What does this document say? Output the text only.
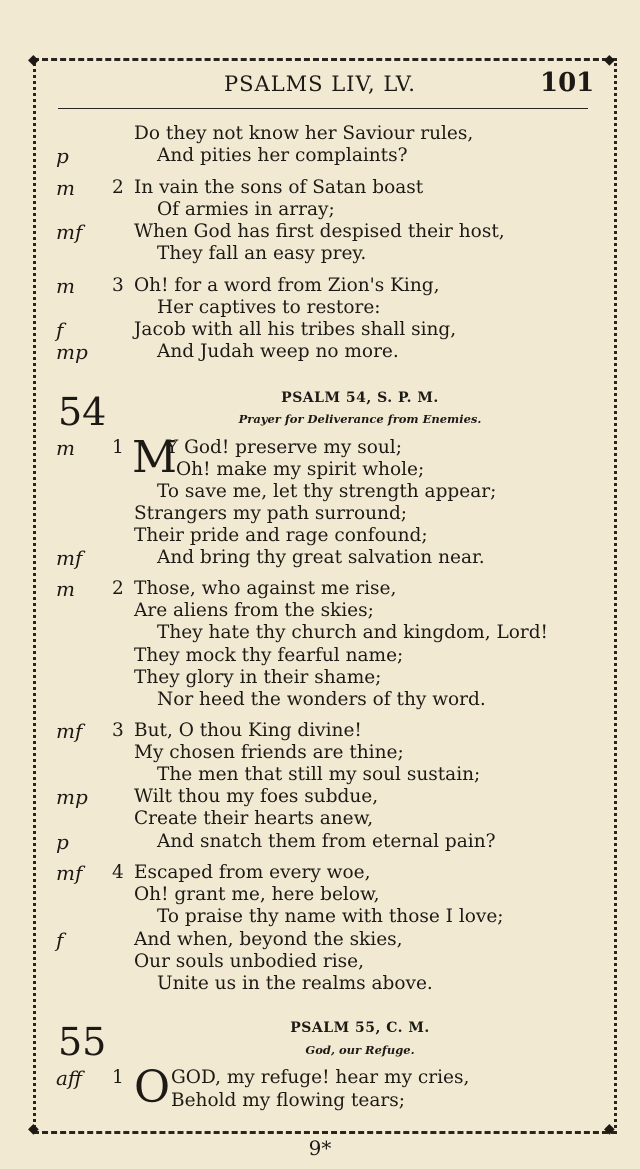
◆	◆
◆	◆
PSALMS LIV, LV.	101
Do they not know her Saviour rules,
p	And pities her complaints?
m 2 In vain the sons of Satan boast
Of armies in array;
mf	When God has first despised their host,
They fall an easy prey.
m 3 Oh! for a word from Zion's King,
Her captives to restore:
f	Jacob with all his tribes shall sing,
mp	And Judah weep no more.
m 1 Y God! preserve my soul;
Oh! make my spirit whole;
To save me, let thy strength appear;
Strangers my path surround;
Their pride and rage confound;
mf	And bring thy great salvation near.
m 2 Those, who against me rise,
Are aliens from the skies;
They hate thy church and kingdom, Lord!
They mock thy fearful name;
They glory in their shame;
Nor heed the wonders of thy word.
mf 3 But, O thou King divine!
My chosen friends are thine;
The men that still my soul sustain;
mp Wilt thou my foes subdue,
Create their hearts anew,
p	And snatch them from eternal pain?
mf 4 Escaped from every woe,
Oh! grant me, here below,
To praise thy name with those I love;
f	And when, beyond the skies,
Our souls unbodied rise,
Unite us in the realms above.
aff 1	GOD, my refuge! hear my cries,
Behold my flowing tears;
54	PSALM 54, S. P. M.
Prayer for Deliverance from Enemies.
M
55	PSALM 55, C. M.
God, our Refuge.
O
9*
